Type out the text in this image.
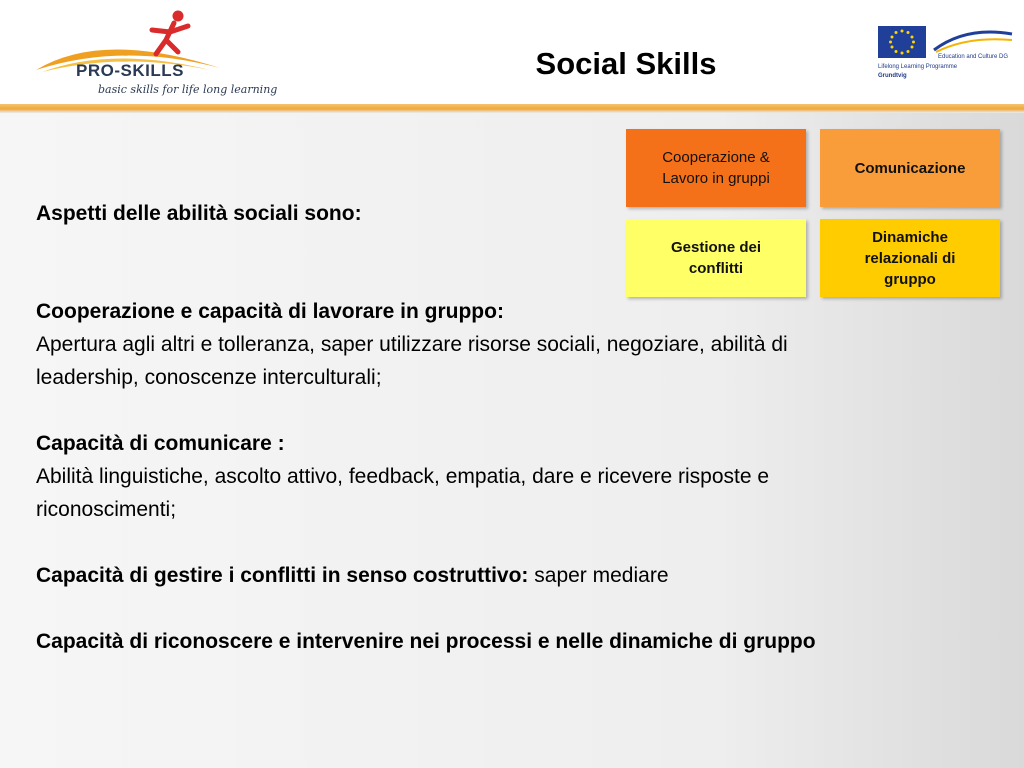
PRO-SKILLS
basic skills for life long learning
Social Skills	Education and Culture DG
Lifelong Learning Programme
Grundtvig
Cooperazione & Lavoro in gruppi
Comunicazione
Gestione dei conflitti
Dinamiche relazionali di gruppo

Aspetti delle abilità sociali sono:

Cooperazione e capacità di lavorare in gruppo:

Apertura agli altri e tolleranza, saper utilizzare risorse sociali, negoziare, abilità di leadership, conoscenze interculturali;

Capacità di comunicare :

Abilità linguistiche, ascolto attivo, feedback, empatia, dare e ricevere risposte e riconoscimenti;

Capacità di gestire i conflitti in senso costruttivo: saper mediare

Capacità di riconoscere e intervenire nei processi e nelle dinamiche di gruppo
